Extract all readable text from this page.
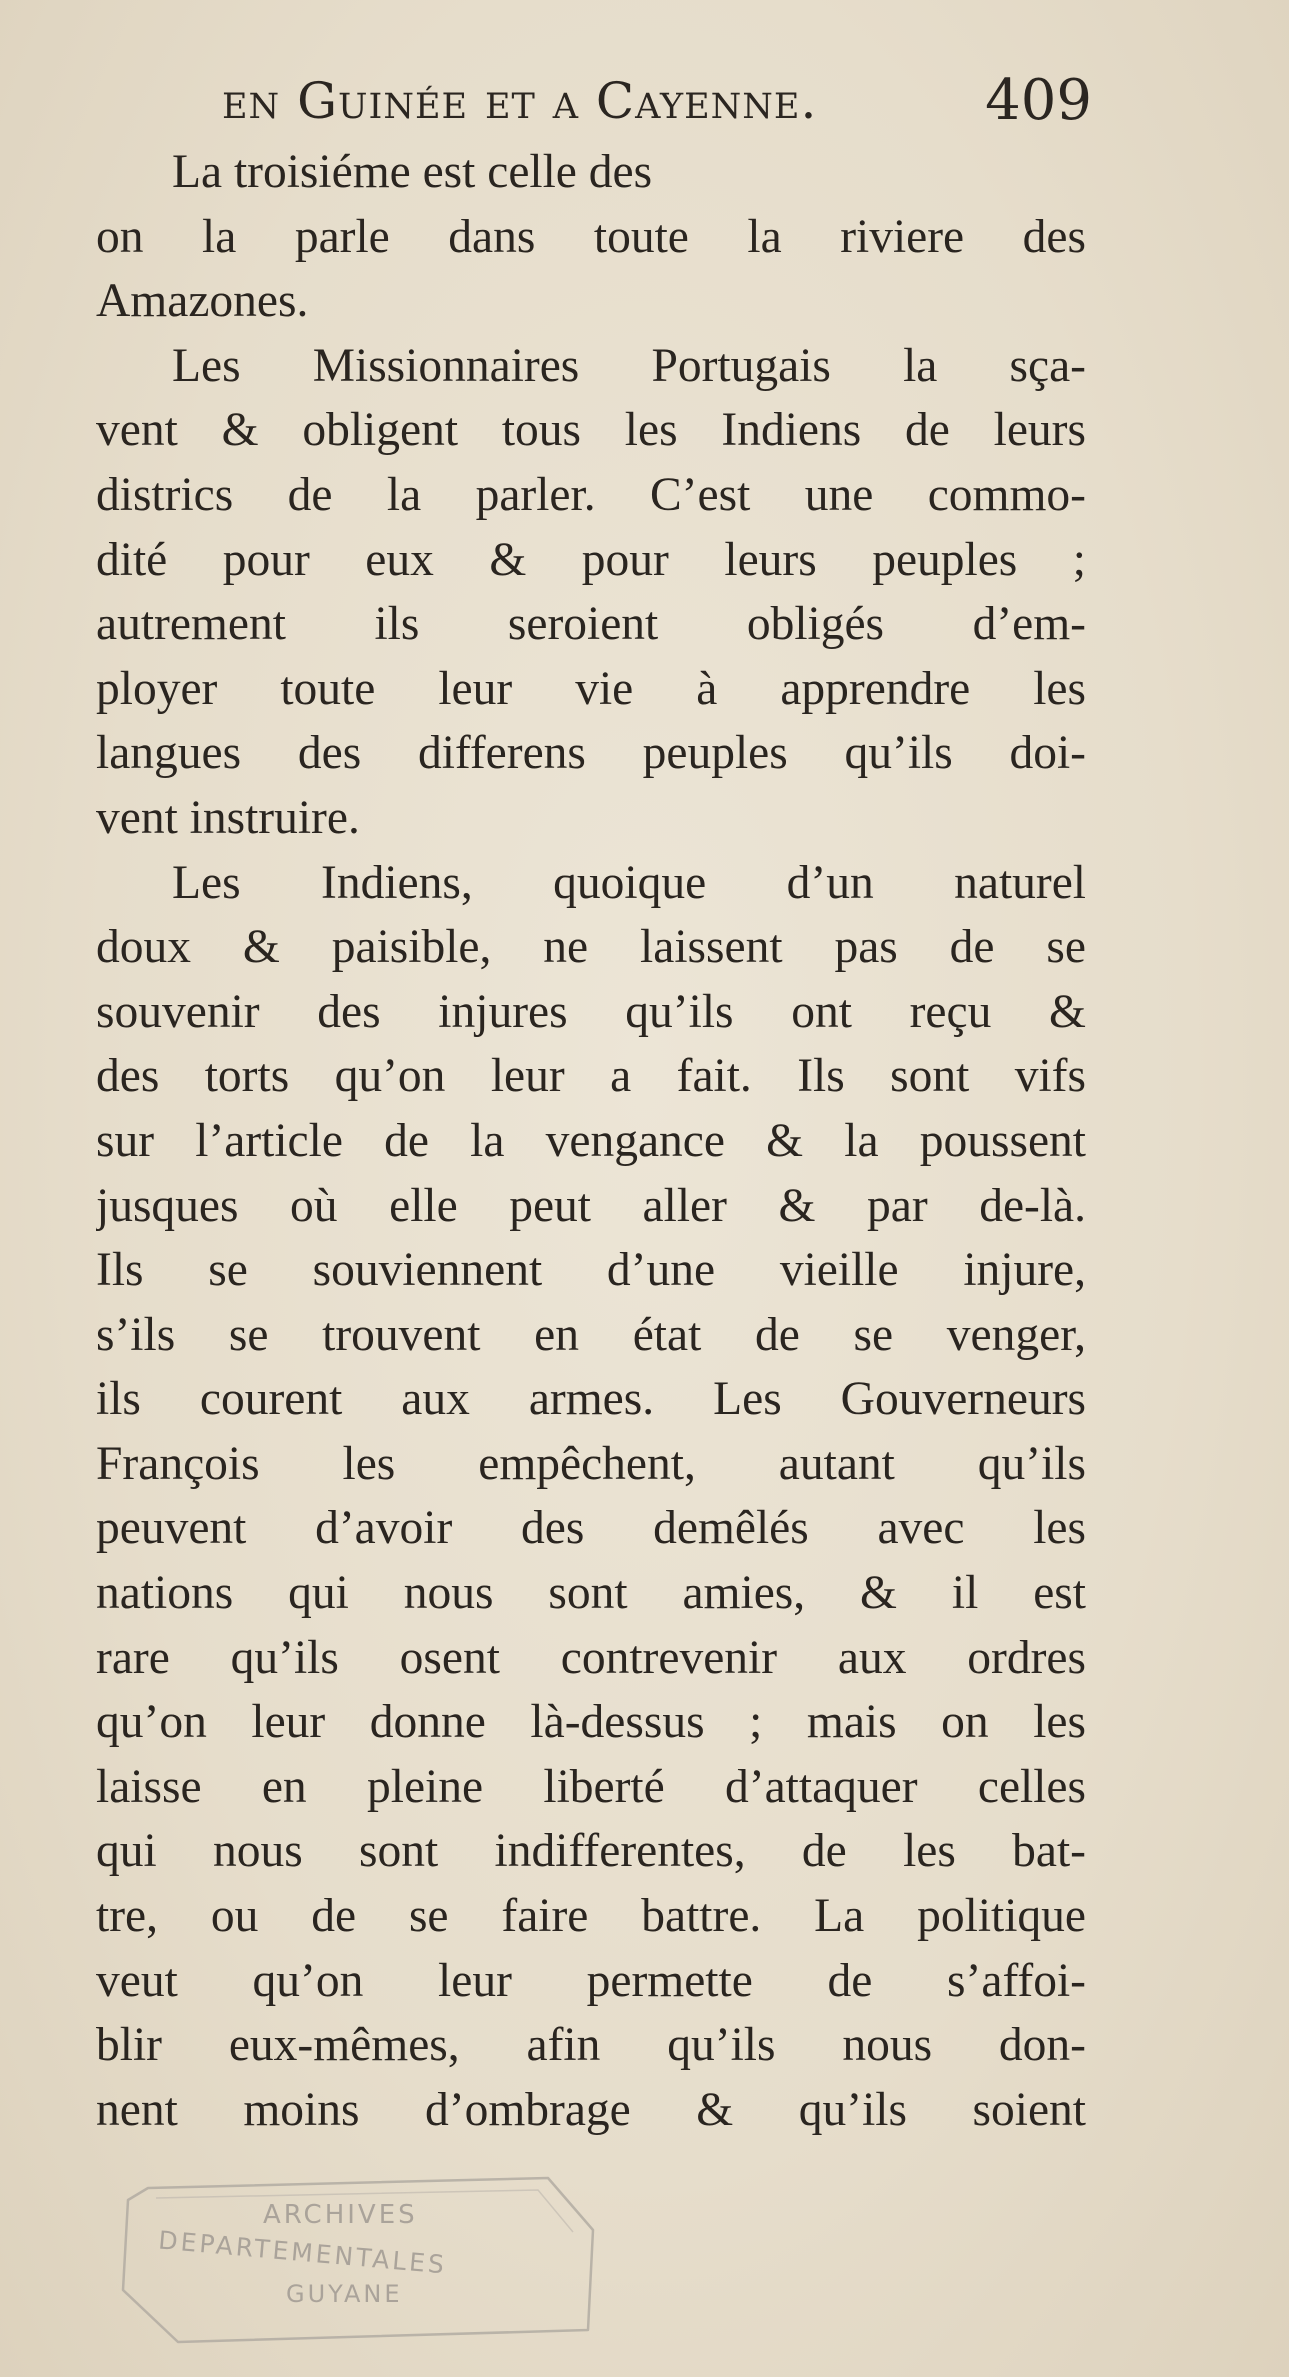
en Guinée et a Cayenne.	409
La troisiéme est celle des
on la parle dans toute la riviere des
Amazones.
Les Missionnaires Portugais la sça-
vent & obligent tous les Indiens de leurs
districs de la parler. C’est une commo-
dité pour eux & pour leurs peuples ;
autrement ils seroient obligés d’em-
ployer toute leur vie à apprendre les
langues des differens peuples qu’ils doi-
vent instruire.
Les Indiens, quoique d’un naturel
doux & paisible, ne laissent pas de se
souvenir des injures qu’ils ont reçu &
des torts qu’on leur a fait. Ils sont vifs
sur l’article de la vengance & la poussent
jusques où elle peut aller & par de-là.
Ils se souviennent d’une vieille injure,
s’ils se trouvent en état de se venger,
ils courent aux armes. Les Gouverneurs
François les empêchent, autant qu’ils
peuvent d’avoir des demêlés avec les
nations qui nous sont amies, & il est
rare qu’ils osent contrevenir aux ordres
qu’on leur donne là-dessus ; mais on les
laisse en pleine liberté d’attaquer celles
qui nous sont indifferentes, de les bat-
tre, ou de se faire battre. La politique
veut qu’on leur permette de s’affoi-
blir eux-mêmes, afin qu’ils nous don-
nent moins d’ombrage & qu’ils soient
ARCHIVES
DEPARTEMENTALES
GUYANE
